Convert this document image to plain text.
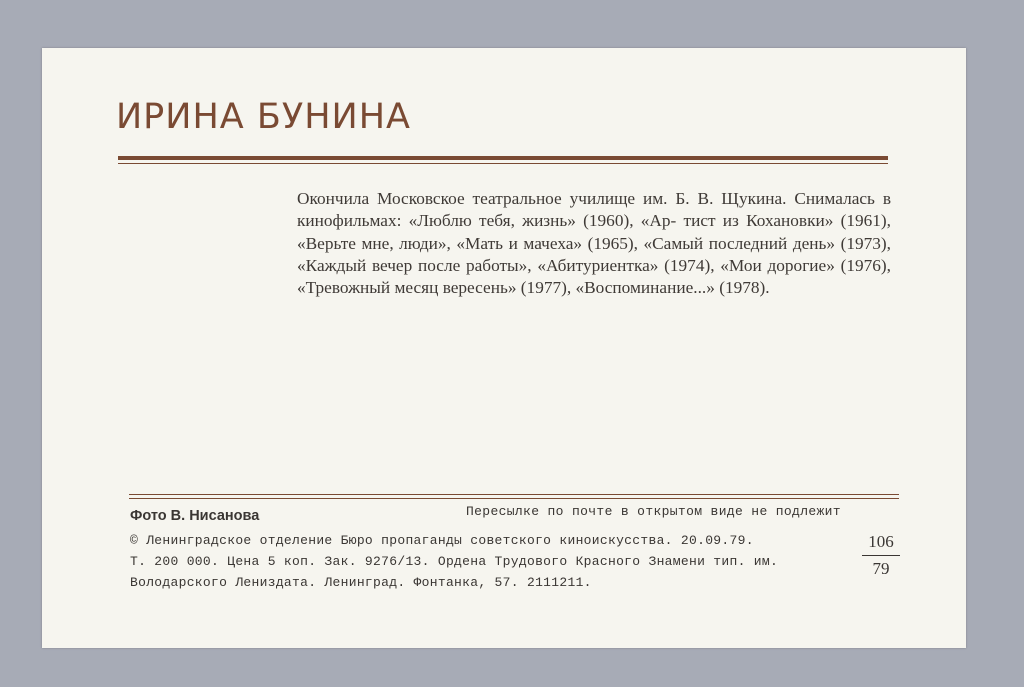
ИРИНА БУНИНА

Окончила Московское театральное училище им. Б. В. Щукина. Снималась в кинофильмах: «Люблю тебя, жизнь» (1960), «Ар- тист из Кохановки» (1961), «Верьте мне, люди», «Мать и мачеха» (1965), «Самый последний день» (1973), «Каждый вечер после работы», «Абитуриентка» (1974), «Мои дорогие» (1976), «Тревожный месяц вересень» (1977), «Воспоминание...» (1978).

Фото В. Нисанова	Пересылке по почте в открытом виде не подлежит
© Ленинградское отделение Бюро пропаганды советского киноискусства. 20.09.79.
Т. 200 000. Цена 5 коп. Зак. 9276/13. Ордена Трудового Красного Знамени тип. им.
Володарского Лениздата. Ленинград. Фонтанка, 57. 2111211.
106
79
